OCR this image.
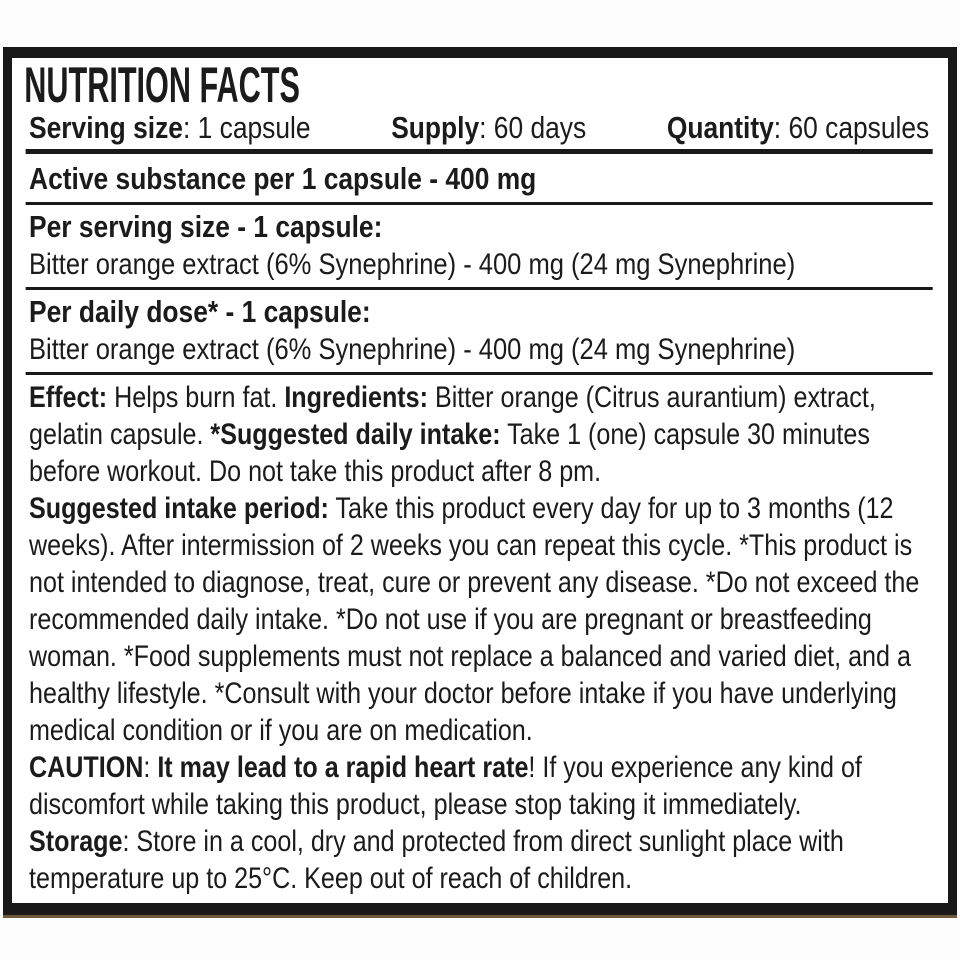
NUTRITION FACTS
Serving size: 1 capsule	Supply: 60 days	Quantity: 60 capsules
Active substance per 1 capsule - 400 mg
Per serving size - 1 capsule:
Bitter orange extract (6% Synephrine) - 400 mg (24 mg Synephrine)
Per daily dose* - 1 capsule:
Bitter orange extract (6% Synephrine) - 400 mg (24 mg Synephrine)

Effect: Helps burn fat. Ingredients: Bitter orange (Citrus aurantium) extract, gelatin capsule. *Suggested daily intake: Take 1 (one) capsule 30 minutes before workout. Do not take this product after 8 pm.

Suggested intake period: Take this product every day for up to 3 months (12 weeks). After intermission of 2 weeks you can repeat this cycle. *This product is not intended to diagnose, treat, cure or prevent any disease. *Do not exceed the recommended daily intake. *Do not use if you are pregnant or breastfeeding woman. *Food supplements must not replace a balanced and varied diet, and a healthy lifestyle. *Consult with your doctor before intake if you have underlying medical condition or if you are on medication.

CAUTION: It may lead to a rapid heart rate! If you experience any kind of discomfort while taking this product, please stop taking it immediately.

Storage: Store in a cool, dry and protected from direct sunlight place with temperature up to 25°C. Keep out of reach of children.
